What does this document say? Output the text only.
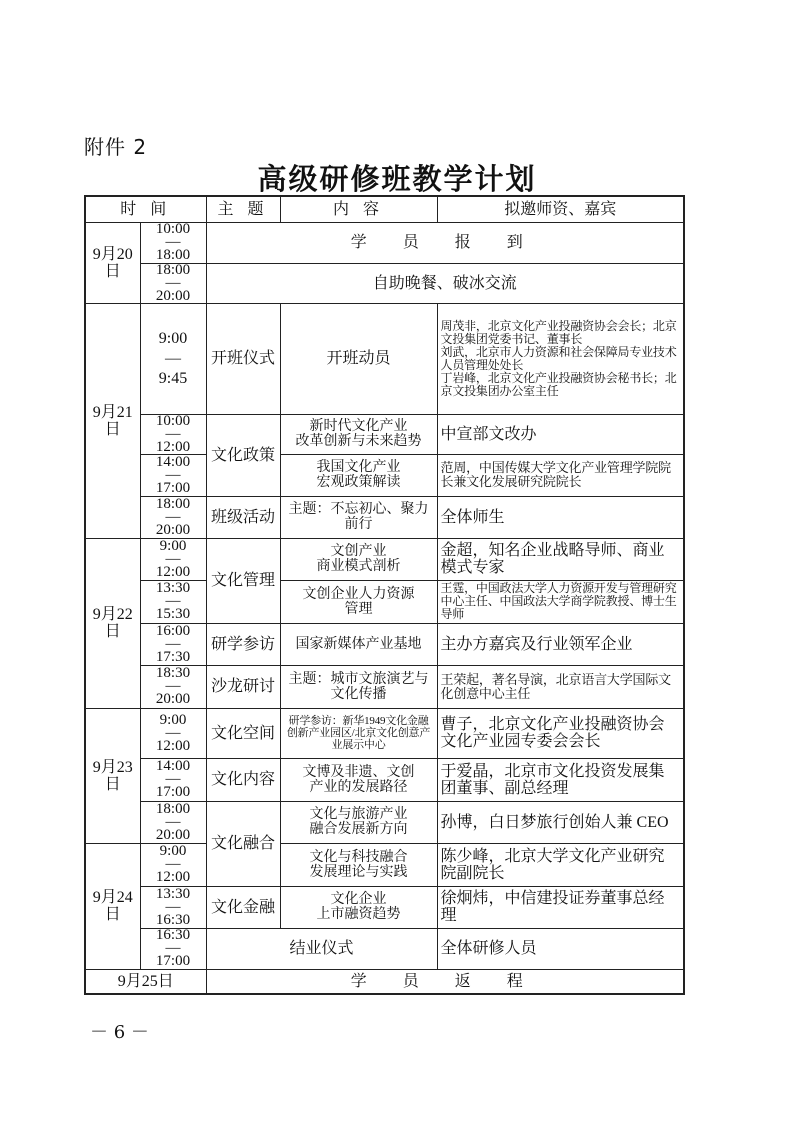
附件 2
高级研修班教学计划
时 间		主 题	内 容	拟邀师资、嘉宾
9月20日	10:00
—
18:00	学 员 报 到		
	18:00
—
20:00	自助晚餐、破冰交流		
9月21日	9:00
—
9:45	开班仪式	开班动员	周茂非，北京文化产业投融资协会会长；北京文投集团党委书记、董事长
刘武，北京市人力资源和社会保障局专业技术人员管理处处长
丁岩峰，北京文化产业投融资协会秘书长；北京文投集团办公室主任
	10:00
—
12:00	文化政策	新时代文化产业
改革创新与未来趋势	中宣部文改办
	14:00
—
17:00		我国文化产业
宏观政策解读	范周，中国传媒大学文化产业管理学院院长兼文化发展研究院院长
	18:00
—
20:00	班级活动	主题：不忘初心、聚力前行	全体师生
9月22日	9:00
—
12:00	文化管理	文创产业
商业模式剖析	金超，知名企业战略导师、商业模式专家
	13:30
—
15:30		文创企业人力资源
管理	王霆，中国政法大学人力资源开发与管理研究中心主任、中国政法大学商学院教授、博士生导师
	16:00
—
17:30	研学参访	国家新媒体产业基地	主办方嘉宾及行业领军企业
	18:30
—
20:00	沙龙研讨	主题：城市文旅演艺与文化传播	王荣起，著名导演，北京语言大学国际文化创意中心主任
9月23日	9:00
—
12:00	文化空间	研学参访：新华1949文化金融创新产业园区/北京文化创意产业展示中心	曹子，北京文化产业投融资协会文化产业园专委会会长
	14:00
—
17:00	文化内容	文博及非遗、文创
产业的发展路径	于爱晶，北京市文化投资发展集团董事、副总经理
	18:00
—
20:00	文化融合	文化与旅游产业
融合发展新方向	孙博，白日梦旅行创始人兼 CEO
9月24日	9:00
—
12:00		文化与科技融合
发展理论与实践	陈少峰，北京大学文化产业研究院副院长
	13:30
—
16:30	文化金融	文化企业
上市融资趋势	徐炯炜，中信建投证券董事总经理
	16:30
—
17:00	结业仪式		全体研修人员
9月25日		学 员 返 程		
－ 6 －
